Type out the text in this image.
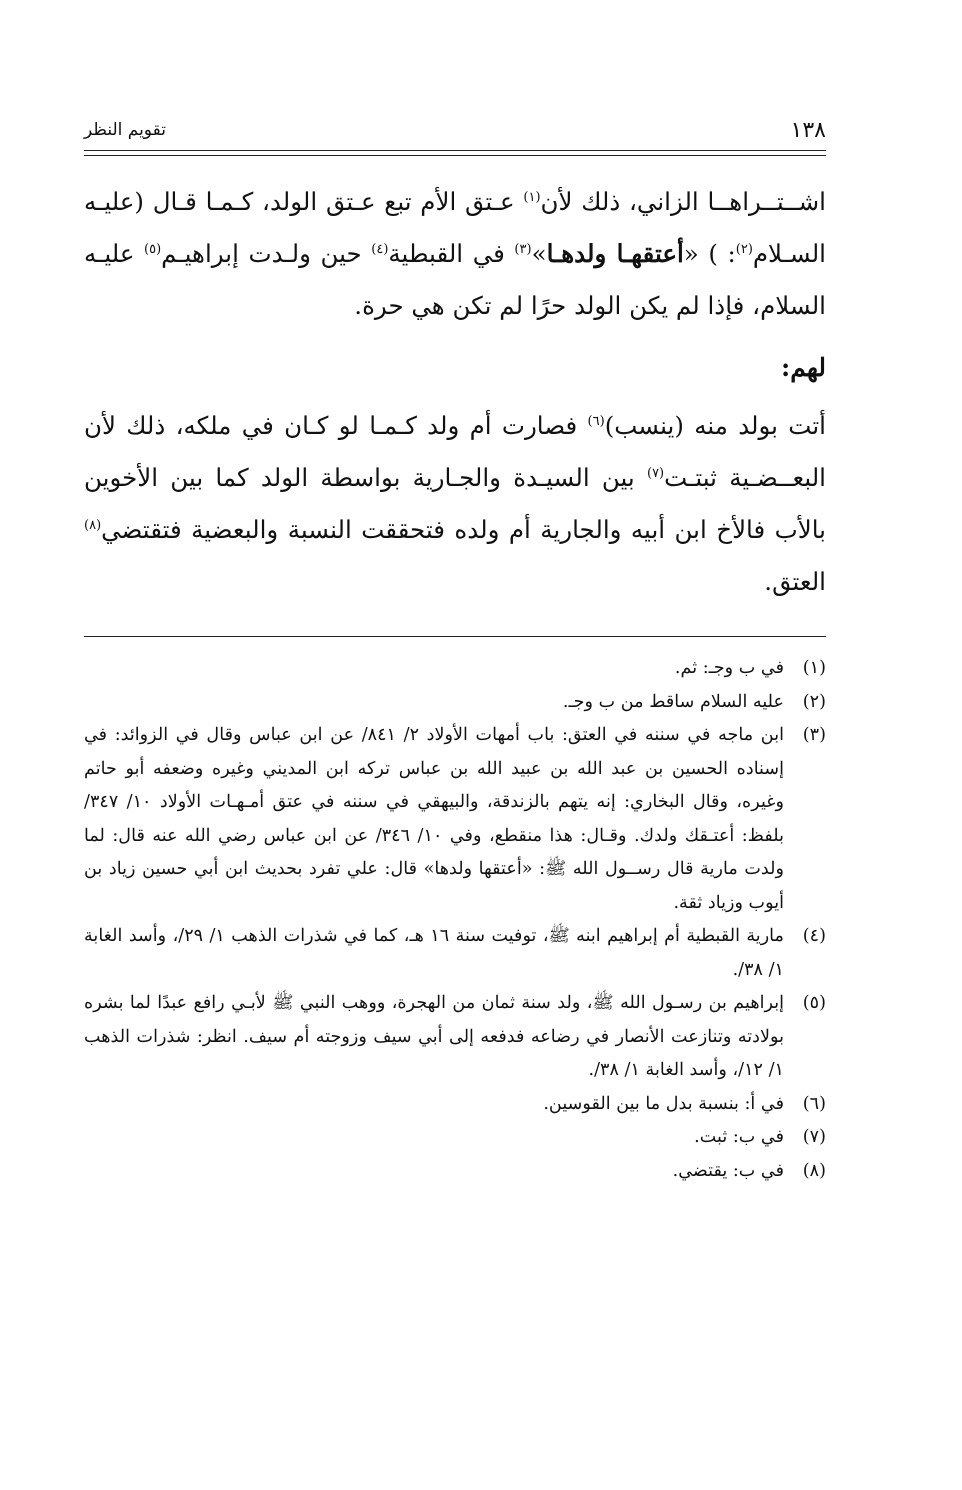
١٣٨
تقويم النظر

اشــتــراهــا الزاني، ذلك لأن$^{(١)}$ عـتق الأم تبع عـتق الولد، كـمـا قـال (عليـه السـلام$^{(٢)}$: ) «أعتقهـا ولدهـا»$^{(٣)}$ في القبطية$^{(٤)}$ حين ولـدت إبراهيـم$^{(٥)}$ عليـه السلام، فإذا لم يكن الولد حرًا لم تكن هي حرة.

لهم:

أتت بولد منه (ينسب)$^{(٦)}$ فصارت أم ولد كـمـا لو كـان في ملكه، ذلك لأن البعــضـية ثبتـت$^{(٧)}$ بين السيـدة والجـارية بواسطة الولد كما بين الأخوين بالأب فالأخ ابن أبيه والجارية أم ولده فتحققت النسبة والبعضية فتقتضي$^{(٨)}$ العتق.

(١)
في ب وجـ: ثم.
(٢)
عليه السلام ساقط من ب وجـ.
(٣)
ابن ماجه في سننه في العتق: باب أمهات الأولاد ٢/ ٨٤١/ عن ابن عباس وقال في الزوائد: في إسناده الحسين بن عبد الله بن عبيد الله بن عباس تركه ابن المديني وغيره وضعفه أبو حاتم وغيره، وقال البخاري: إنه يتهم بالزندقة، والبيهقي في سننه في عتق أمـهـات الأولاد ١٠/ ٣٤٧/ بلفظ: أعتـقك ولدك. وقـال: هذا منقطع، وفي ١٠/ ٣٤٦/ عن ابن عباس رضي الله عنه قال: لما ولدت مارية قال رســول الله ﷺ: «أعتقها ولدها» قال: علي تفرد بحديث ابن أبي حسين زياد بن أيوب وزياد ثقة.
(٤)
مارية القبطية أم إبراهيم ابنه ﷺ، توفيت سنة ١٦ هـ، كما في شذرات الذهب ١/ ٢٩/، وأسد الغابة ١/ ٣٨/.
(٥)
إبراهيم بن رسـول الله ﷺ، ولد سنة ثمان من الهجرة، ووهب النبي ﷺ لأبـي رافع عبدًا لما بشره بولادته وتنازعت الأنصار في رضاعه فدفعه إلى أبي سيف وزوجته أم سيف. انظر: شذرات الذهب ١/ ١٢/، وأسد الغابة ١/ ٣٨/.
(٦)
في أ: بنسبة بدل ما بين القوسين.
(٧)
في ب: ثبت.
(٨)
في ب: يقتضي.
